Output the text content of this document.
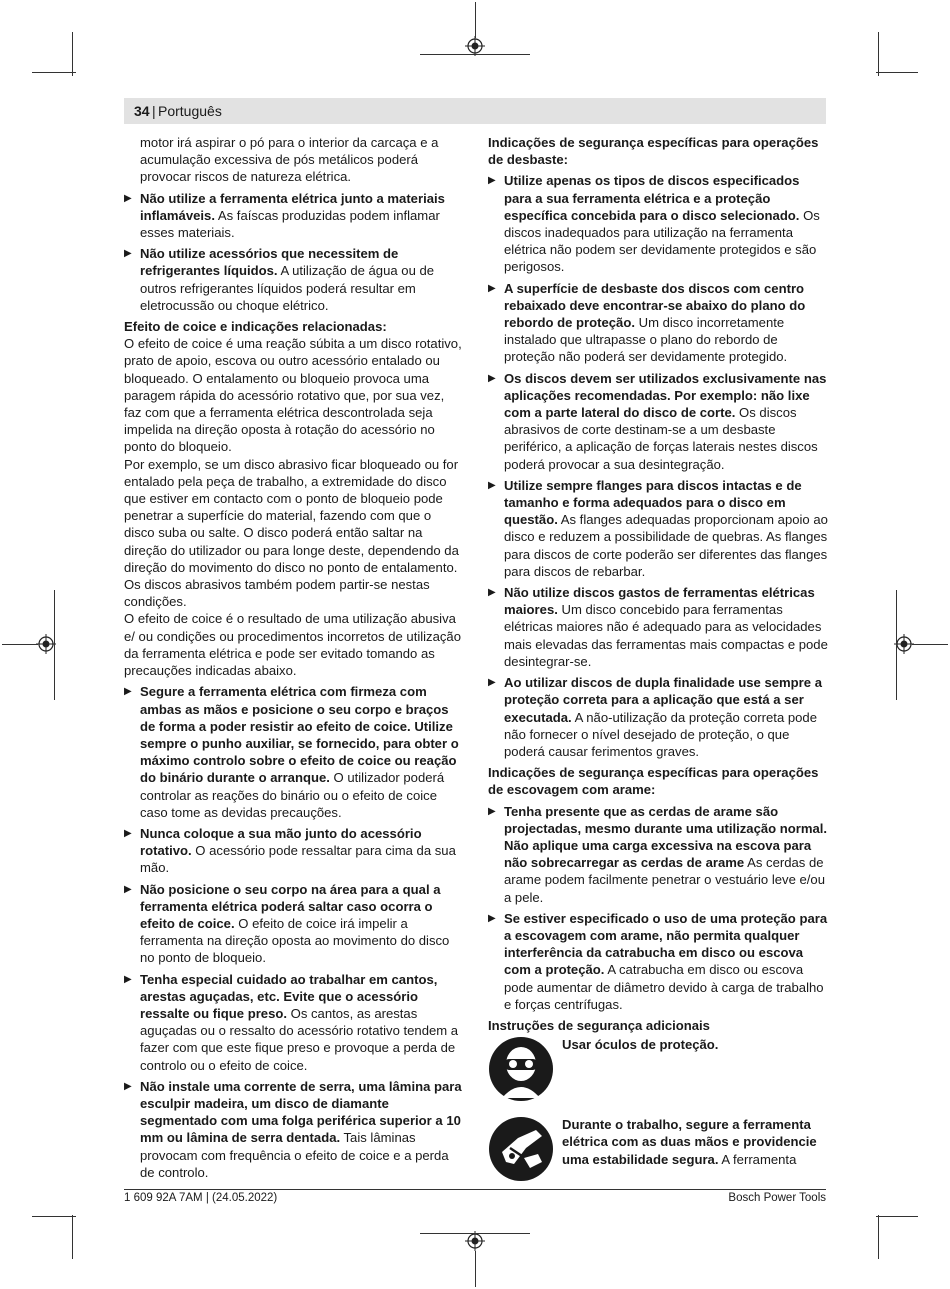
34 | Português

motor irá aspirar o pó para o interior da carcaça e a acumulação excessiva de pós metálicos poderá provocar riscos de natureza elétrica.

▶ Não utilize a ferramenta elétrica junto a materiais inflamáveis. As faíscas produzidas podem inflamar esses materiais.
▶ Não utilize acessórios que necessitem de refrigerantes líquidos. A utilização de água ou de outros refrigerantes líquidos poderá resultar em eletrocussão ou choque elétrico.

Efeito de coice e indicações relacionadas:

O efeito de coice é uma reação súbita a um disco rotativo, prato de apoio, escova ou outro acessório entalado ou bloqueado. O entalamento ou bloqueio provoca uma paragem rápida do acessório rotativo que, por sua vez, faz com que a ferramenta elétrica descontrolada seja impelida na direção oposta à rotação do acessório no ponto do bloqueio.

Por exemplo, se um disco abrasivo ficar bloqueado ou for entalado pela peça de trabalho, a extremidade do disco que estiver em contacto com o ponto de bloqueio pode penetrar a superfície do material, fazendo com que o disco suba ou salte. O disco poderá então saltar na direção do utilizador ou para longe deste, dependendo da direção do movimento do disco no ponto de entalamento. Os discos abrasivos também podem partir-se nestas condições.

O efeito de coice é o resultado de uma utilização abusiva e/ ou condições ou procedimentos incorretos de utilização da ferramenta elétrica e pode ser evitado tomando as precauções indicadas abaixo.

▶ Segure a ferramenta elétrica com firmeza com ambas as mãos e posicione o seu corpo e braços de forma a poder resistir ao efeito de coice. Utilize sempre o punho auxiliar, se fornecido, para obter o máximo controlo sobre o efeito de coice ou reação do binário durante o arranque. O utilizador poderá controlar as reações do binário ou o efeito de coice caso tome as devidas precauções.
▶ Nunca coloque a sua mão junto do acessório rotativo. O acessório pode ressaltar para cima da sua mão.
▶ Não posicione o seu corpo na área para a qual a ferramenta elétrica poderá saltar caso ocorra o efeito de coice. O efeito de coice irá impelir a ferramenta na direção oposta ao movimento do disco no ponto de bloqueio.
▶ Tenha especial cuidado ao trabalhar em cantos, arestas aguçadas, etc. Evite que o acessório ressalte ou fique preso. Os cantos, as arestas aguçadas ou o ressalto do acessório rotativo tendem a fazer com que este fique preso e provoque a perda de controlo ou o efeito de coice.
▶ Não instale uma corrente de serra, uma lâmina para esculpir madeira, um disco de diamante segmentado com uma folga periférica superior a 10 mm ou lâmina de serra dentada. Tais lâminas provocam com frequência o efeito de coice e a perda de controlo.

Indicações de segurança específicas para operações de desbaste:

▶ Utilize apenas os tipos de discos especificados para a sua ferramenta elétrica e a proteção específica concebida para o disco selecionado. Os discos inadequados para utilização na ferramenta elétrica não podem ser devidamente protegidos e são perigosos.
▶ A superfície de desbaste dos discos com centro rebaixado deve encontrar-se abaixo do plano do rebordo de proteção. Um disco incorretamente instalado que ultrapasse o plano do rebordo de proteção não poderá ser devidamente protegido.
▶ Os discos devem ser utilizados exclusivamente nas aplicações recomendadas. Por exemplo: não lixe com a parte lateral do disco de corte. Os discos abrasivos de corte destinam-se a um desbaste periférico, a aplicação de forças laterais nestes discos poderá provocar a sua desintegração.
▶ Utilize sempre flanges para discos intactas e de tamanho e forma adequados para o disco em questão. As flanges adequadas proporcionam apoio ao disco e reduzem a possibilidade de quebras. As flanges para discos de corte poderão ser diferentes das flanges para discos de rebarbar.
▶ Não utilize discos gastos de ferramentas elétricas maiores. Um disco concebido para ferramentas elétricas maiores não é adequado para as velocidades mais elevadas das ferramentas mais compactas e pode desintegrar-se.
▶ Ao utilizar discos de dupla finalidade use sempre a proteção correta para a aplicação que está a ser executada. A não-utilização da proteção correta pode não fornecer o nível desejado de proteção, o que poderá causar ferimentos graves.

Indicações de segurança específicas para operações de escovagem com arame:

▶ Tenha presente que as cerdas de arame são projectadas, mesmo durante uma utilização normal. Não aplique uma carga excessiva na escova para não sobrecarregar as cerdas de arame As cerdas de arame podem facilmente penetrar o vestuário leve e/ou a pele.
▶ Se estiver especificado o uso de uma proteção para a escovagem com arame, não permita qualquer interferência da catrabucha em disco ou escova com a proteção. A catrabucha em disco ou escova pode aumentar de diâmetro devido à carga de trabalho e forças centrífugas.

Instruções de segurança adicionais

Usar óculos de proteção.
Durante o trabalho, segure a ferramenta elétrica com as duas mãos e providencie uma estabilidade segura. A ferramenta
1 609 92A 7AM | (24.05.2022)	Bosch Power Tools
